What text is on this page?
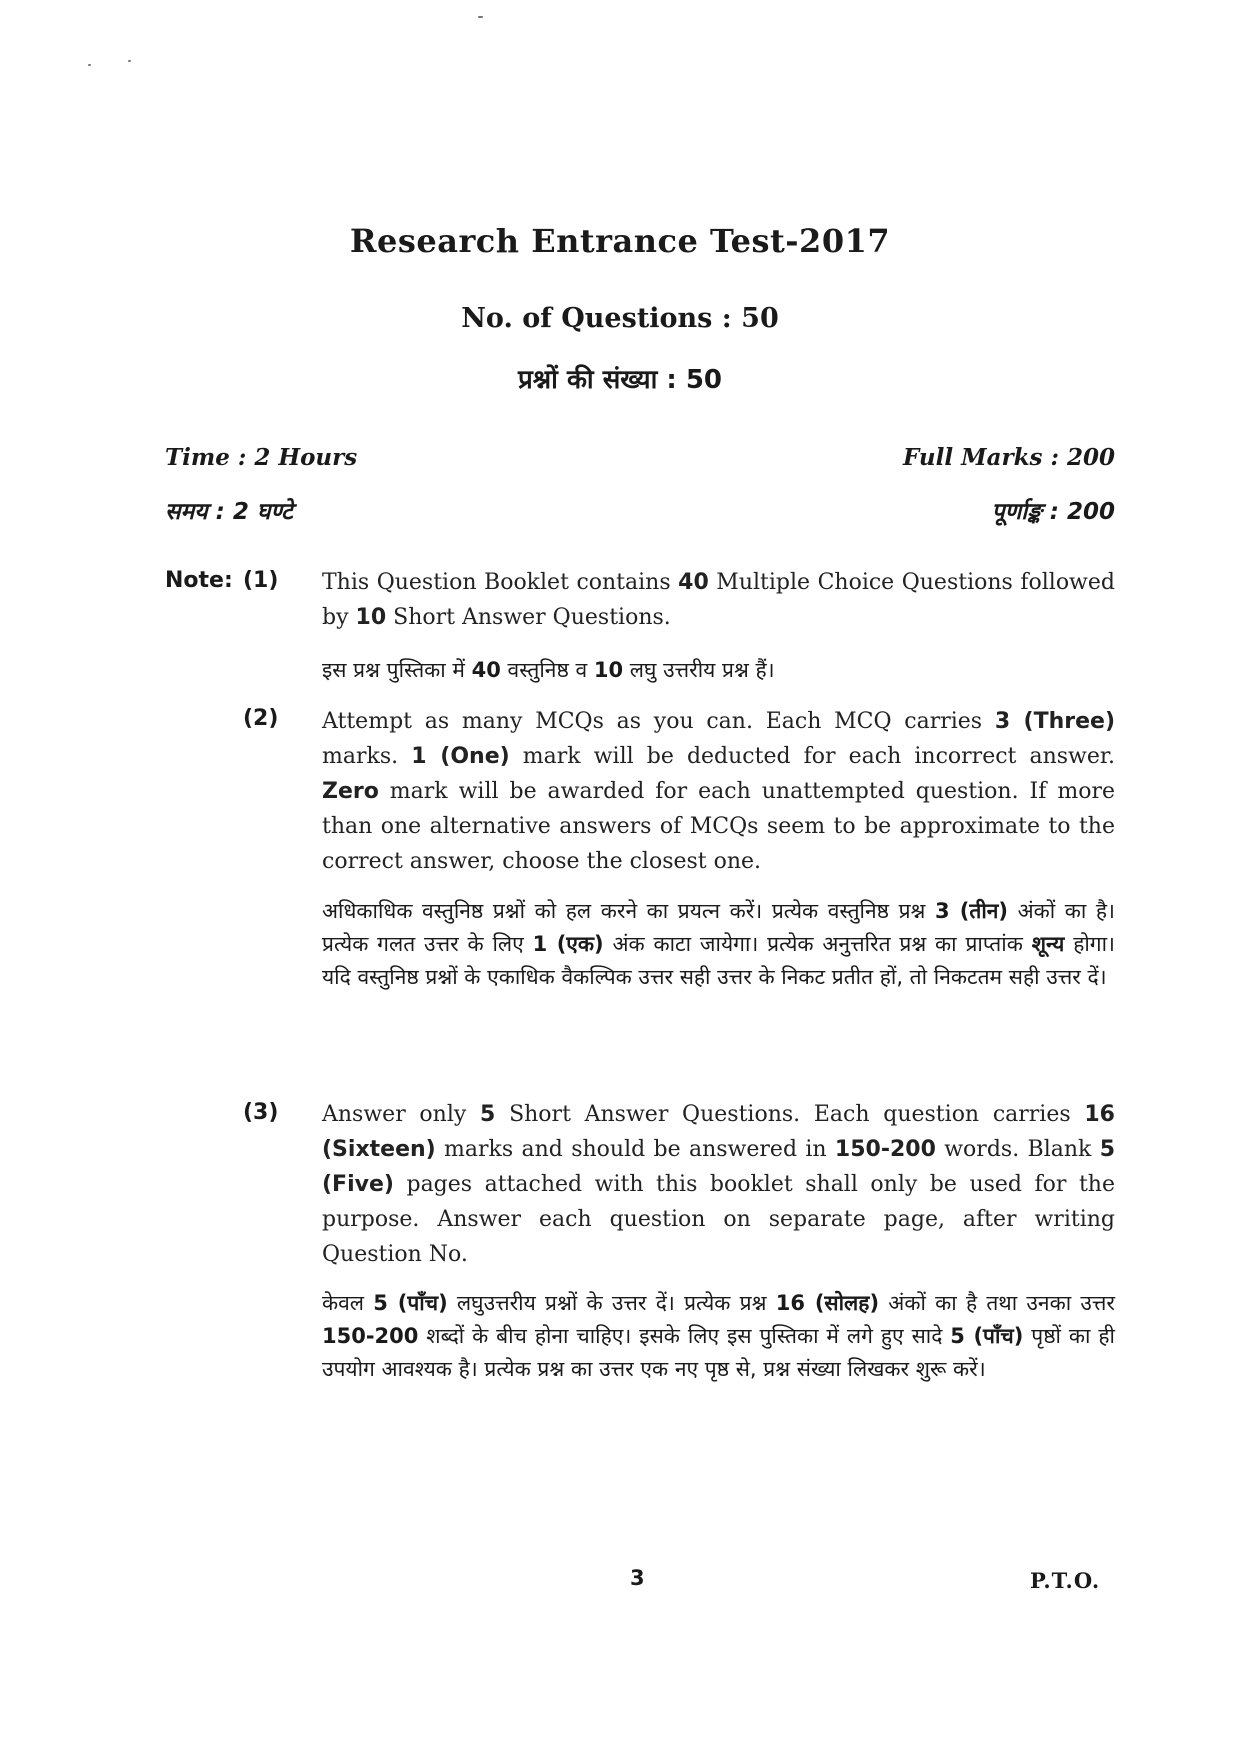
Research Entrance Test-2017
No. of Questions : 50
प्रश्नों की संख्या : 50
Time : 2 Hours	Full Marks : 200
समय : 2 घण्टे	पूर्णाङ्क : 200
Note: (1) This Question Booklet contains 40 Multiple Choice Questions followed by 10 Short Answer Questions.
इस प्रश्न पुस्तिका में 40 वस्तुनिष्ठ व 10 लघु उत्तरीय प्रश्न हैं।
(2) Attempt as many MCQs as you can. Each MCQ carries 3 (Three) marks. 1 (One) mark will be deducted for each incorrect answer. Zero mark will be awarded for each unattempted question. If more than one alternative answers of MCQs seem to be approximate to the correct answer, choose the closest one.
अधिकाधिक वस्तुनिष्ठ प्रश्नों को हल करने का प्रयत्न करें। प्रत्येक वस्तुनिष्ठ प्रश्न 3 (तीन) अंकों का है। प्रत्येक गलत उत्तर के लिए 1 (एक) अंक काटा जायेगा। प्रत्येक अनुत्तरित प्रश्न का प्राप्तांक शून्य होगा। यदि वस्तुनिष्ठ प्रश्नों के एकाधिक वैकल्पिक उत्तर सही उत्तर के निकट प्रतीत हों, तो निकटतम सही उत्तर दें।
(3) Answer only 5 Short Answer Questions. Each question carries 16 (Sixteen) marks and should be answered in 150-200 words. Blank 5 (Five) pages attached with this booklet shall only be used for the purpose. Answer each question on separate page, after writing Question No.
केवल 5 (पाँच) लघुउत्तरीय प्रश्नों के उत्तर दें। प्रत्येक प्रश्न 16 (सोलह) अंकों का है तथा उनका उत्तर 150-200 शब्दों के बीच होना चाहिए। इसके लिए इस पुस्तिका में लगे हुए सादे 5 (पाँच) पृष्ठों का ही उपयोग आवश्यक है। प्रत्येक प्रश्न का उत्तर एक नए पृष्ठ से, प्रश्न संख्या लिखकर शुरू करें।
3	P.T.O.
